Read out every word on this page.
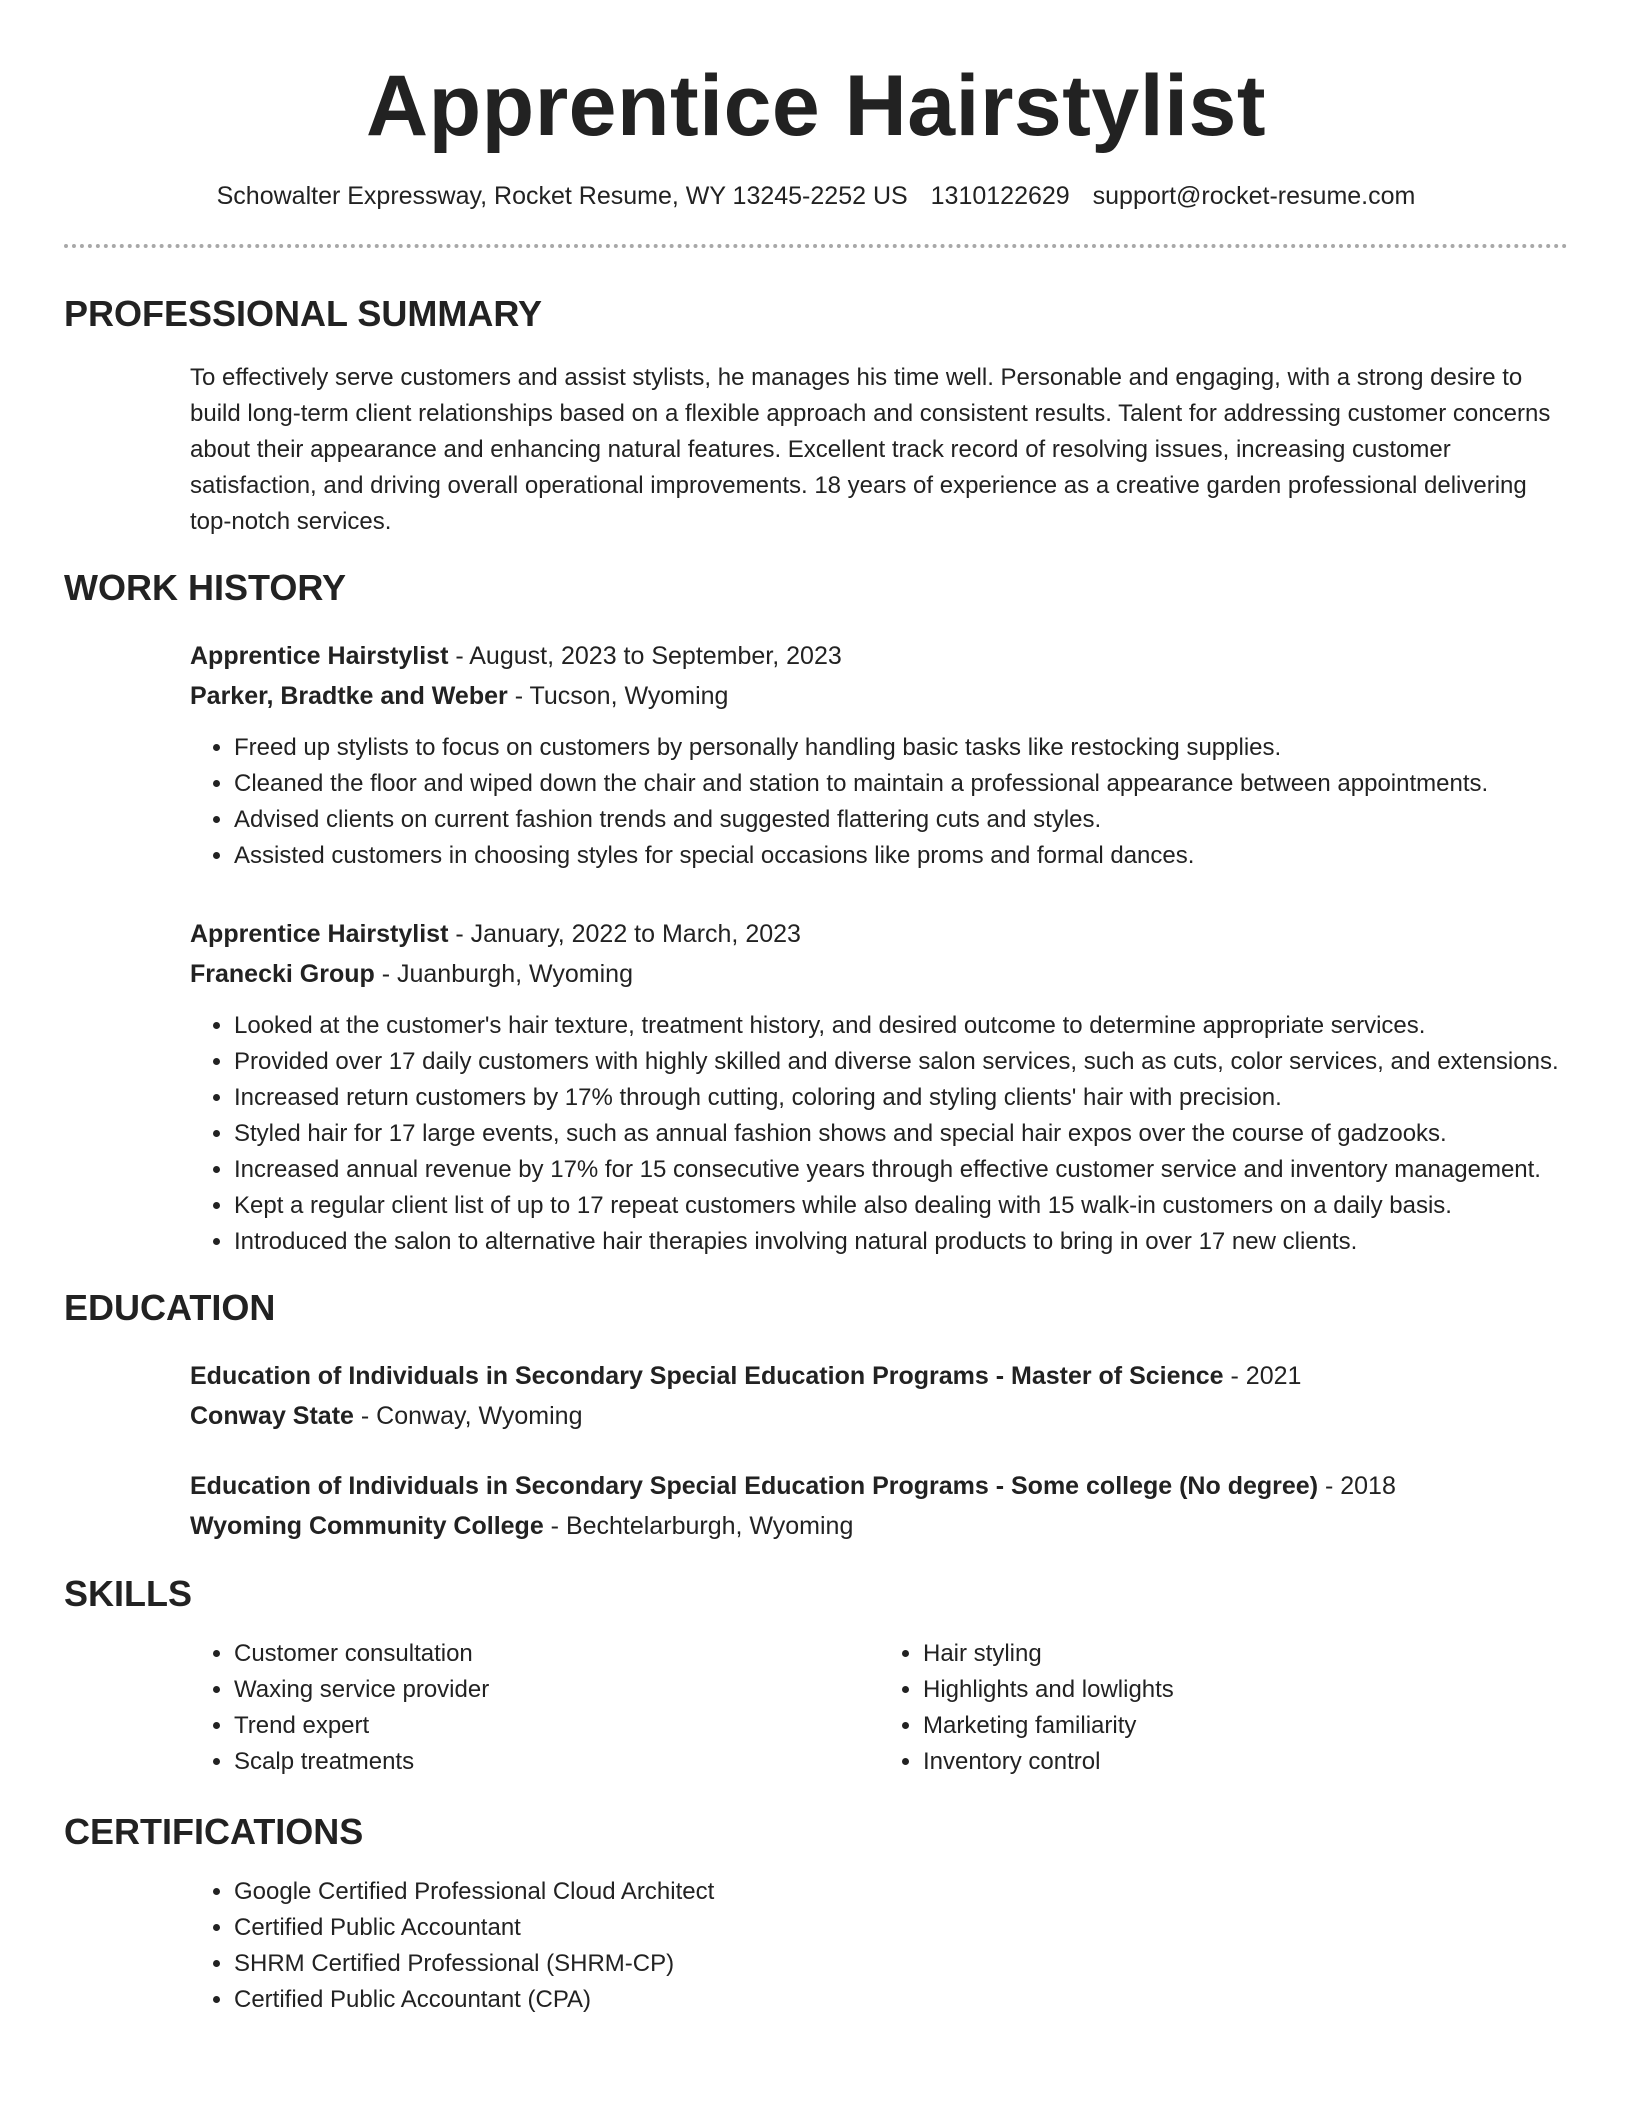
Apprentice Hairstylist
Schowalter Expressway, Rocket Resume, WY 13245-2252 US 1310122629 support@rocket-resume.com
PROFESSIONAL SUMMARY
To effectively serve customers and assist stylists, he manages his time well. Personable and engaging, with a strong desire to build long-term client relationships based on a flexible approach and consistent results. Talent for addressing customer concerns about their appearance and enhancing natural features. Excellent track record of resolving issues, increasing customer satisfaction, and driving overall operational improvements. 18 years of experience as a creative garden professional delivering top-notch services.
WORK HISTORY
Apprentice Hairstylist - August, 2023 to September, 2023
Parker, Bradtke and Weber - Tucson, Wyoming
• Freed up stylists to focus on customers by personally handling basic tasks like restocking supplies.
• Cleaned the floor and wiped down the chair and station to maintain a professional appearance between appointments.
• Advised clients on current fashion trends and suggested flattering cuts and styles.
• Assisted customers in choosing styles for special occasions like proms and formal dances.
Apprentice Hairstylist - January, 2022 to March, 2023
Franecki Group - Juanburgh, Wyoming
• Looked at the customer's hair texture, treatment history, and desired outcome to determine appropriate services.
• Provided over 17 daily customers with highly skilled and diverse salon services, such as cuts, color services, and extensions.
• Increased return customers by 17% through cutting, coloring and styling clients' hair with precision.
• Styled hair for 17 large events, such as annual fashion shows and special hair expos over the course of gadzooks.
• Increased annual revenue by 17% for 15 consecutive years through effective customer service and inventory management.
• Kept a regular client list of up to 17 repeat customers while also dealing with 15 walk-in customers on a daily basis.
• Introduced the salon to alternative hair therapies involving natural products to bring in over 17 new clients.
EDUCATION
Education of Individuals in Secondary Special Education Programs - Master of Science - 2021
Conway State - Conway, Wyoming
Education of Individuals in Secondary Special Education Programs - Some college (No degree) - 2018
Wyoming Community College - Bechtelarburgh, Wyoming
SKILLS
• Customer consultation
• Waxing service provider
• Trend expert
• Scalp treatments
• Hair styling
• Highlights and lowlights
• Marketing familiarity
• Inventory control
CERTIFICATIONS
• Google Certified Professional Cloud Architect
• Certified Public Accountant
• SHRM Certified Professional (SHRM-CP)
• Certified Public Accountant (CPA)
